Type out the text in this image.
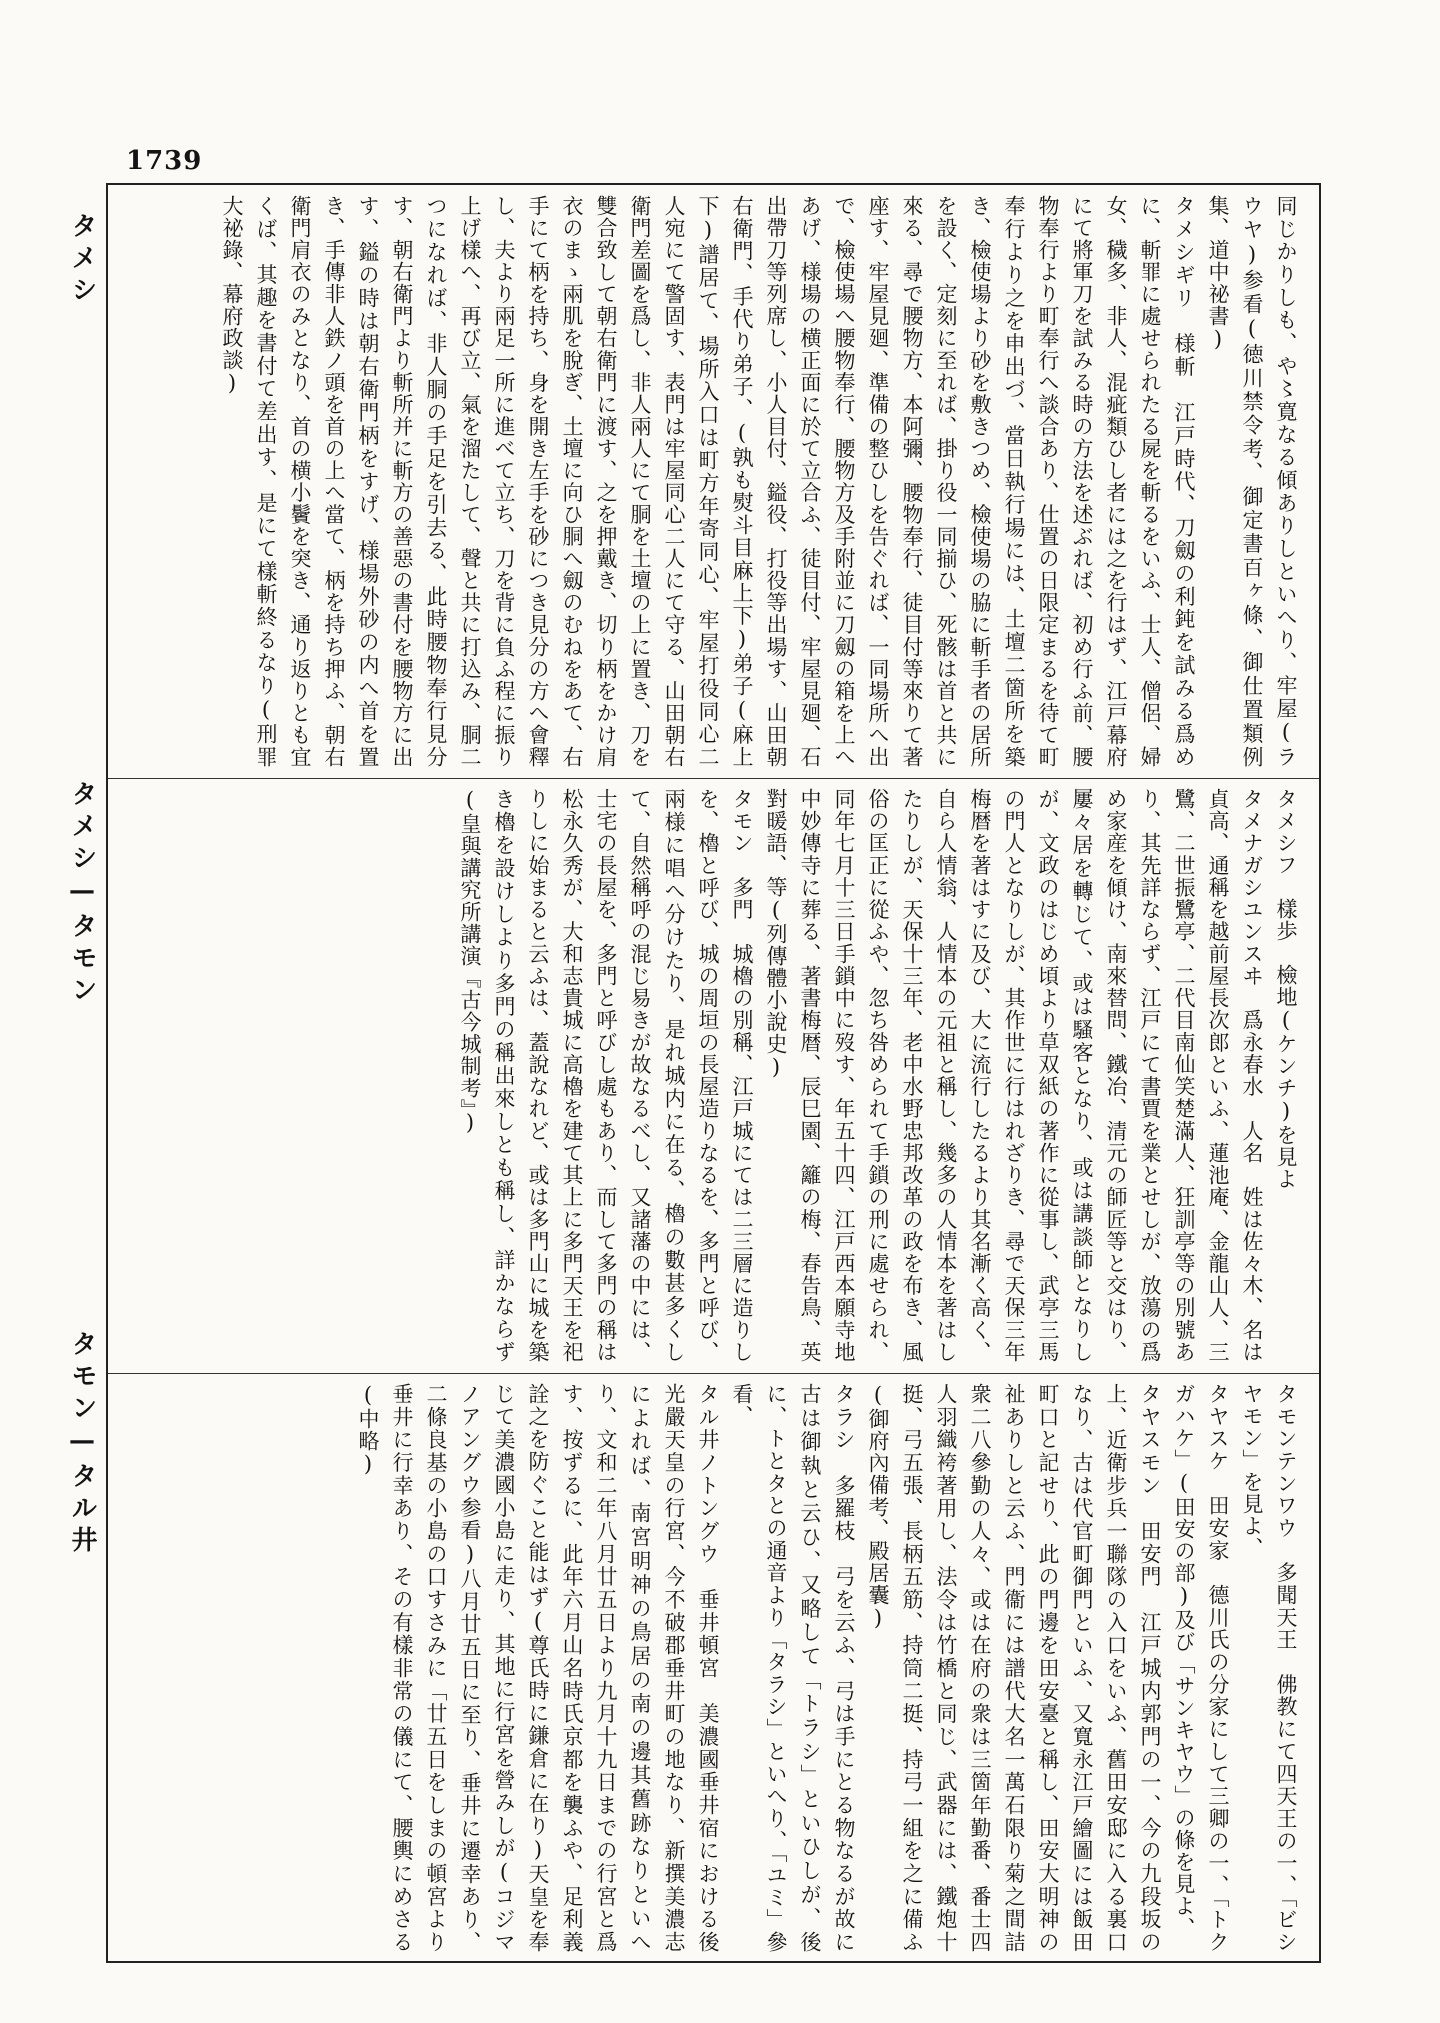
1739

同じかりしも、や〻寛なる傾ありしといへり、牢屋(ラウヤ)参看(徳川禁令考、御定書百ヶ條、御仕置類例集、道中祕書)

タメシギリ　様斬　江戸時代、刀劔の利鈍を試みる爲めに、斬罪に處せられたる屍を斬るをいふ、士人、僧侶、婦女、穢多、非人、混疵類ひし者には之を行はず、江戸幕府にて將軍刀を試みる時の方法を述ぶれば、初め行ふ前、腰物奉行より町奉行へ談合あり、仕置の日限定まるを待て町奉行より之を申出づ、當日執行場には、土壇二箇所を築き、檢使場より砂を敷きつめ、檢使場の脇に斬手者の居所を設く、定刻に至れば、掛り役一同揃ひ、死骸は首と共に來る、尋で腰物方、本阿彌、腰物奉行、徒目付等來りて著座す、牢屋見廻、準備の整ひしを告ぐれば、一同場所へ出で、檢使場へ腰物奉行、腰物方及手附並に刀劔の箱を上へあげ、様場の横正面に於て立合ふ、徒目付、牢屋見廻、石出帶刀等列席し、小人目付、鎰役、打役等出場す、山田朝右衛門、手代り弟子、(孰も熨斗目麻上下)弟子(麻上下)譜居て、場所入口は町方年寄同心、牢屋打役同心二人宛にて警固す、表門は牢屋同心二人にて守る、山田朝右衛門差圖を爲し、非人兩人にて胴を土壇の上に置き、刀を雙合致して朝右衛門に渡す、之を押戴き、切り柄をかけ肩衣のまゝ兩肌を脫ぎ、土壇に向ひ胴へ劔のむねをあて、右手にて柄を持ち、身を開き左手を砂につき見分の方へ會釋し、夫より兩足一所に進べて立ち、刀を背に負ふ程に振り上げ樣へ、再び立、氣を溜たして、聲と共に打込み、胴二つになれば、非人胴の手足を引去る、此時腰物奉行見分す、朝右衛門より斬所并に斬方の善惡の書付を腰物方に出す、鎰の時は朝右衛門柄をすげ、様場外砂の内へ首を置き、手傳非人鉄ノ頭を首の上へ當て、柄を持ち押ふ、朝右衛門肩衣のみとなり、首の横小鬢を突き、通り返りとも宜くば、其趣を書付て差出す、是にて樣斬終るなり(刑罪大祕錄、幕府政談)

タメシフ　樣歩　檢地(ケンチ)を見よ

タメナガシユンスヰ　爲永春水　人名　姓は佐々木、名は貞高、通稱を越前屋長次郎といふ、蓮池庵、金龍山人、三鷺、二世振鷺亭、二代目南仙笑楚滿人、狂訓亭等の別號あり、其先詳ならず、江戸にて書賈を業とせしが、放蕩の爲め家産を傾け、南來替問、鐵冶、清元の師匠等と交はり、屢々居を轉じて、或は騷客となり、或は講談師となりしが、文政のはじめ頃より草双紙の著作に從事し、武亭三馬の門人となりしが、其作世に行はれざりき、尋で天保三年梅暦を著はすに及び、大に流行したるより其名漸く高く、自ら人情翁、人情本の元祖と稱し、幾多の人情本を著はしたりしが、天保十三年、老中水野忠邦改革の政を布き、風俗の匡正に從ふや、忽ち咎められて手鎖の刑に處せられ、同年七月十三日手鎖中に歿す、年五十四、江戸西本願寺地中妙傳寺に葬る、著書梅暦、辰巳園、籬の梅、春告鳥、英對暖語、等(列傳體小說史)

タモン　多門　城櫓の別稱、江戸城にては二三層に造りしを、櫓と呼び、城の周垣の長屋造りなるを、多門と呼び、兩様に唱へ分けたり、是れ城内に在る、櫓の數甚多くして、自然稱呼の混じ易きが故なるべし、又諸藩の中には、士宅の長屋を、多門と呼びし處もあり、而して多門の稱は松永久秀が、大和志貴城に高櫓を建て其上に多門天王を祀りしに始まると云ふは、蓋說なれど、或は多門山に城を築き櫓を設けしより多門の稱出來しとも稱し、詳かならず(皇與講究所講演『古今城制考』)

タモンテンワウ　多聞天王　佛教にて四天王の一、「ビシヤモン」を見よ、

タヤスケ　田安家　德川氏の分家にして三卿の一、「トクガハケ」(田安の部)及び「サンキヤウ」の條を見よ、

タヤスモン　田安門　江戸城内郭門の一、今の九段坂の上、近衛步兵一聯隊の入口をいふ、舊田安邸に入る裏口なり、古は代官町御門といふ、又寬永江戸繪圖には飯田町口と記せり、此の門邊を田安臺と稱し、田安大明神の祉ありしと云ふ、門衞には譜代大名一萬石限り菊之間詰衆二八參勤の人々、或は在府の衆は三箇年勤番、番士四人羽織袴著用し、法令は竹橋と同じ、武器には、鐵炮十挺、弓五張、長柄五筋、持筒二挺、持弓一組を之に備ふ(御府內備考、殿居囊)

タラシ　多羅枝　弓を云ふ、弓は手にとる物なるが故に古は御執と云ひ、又略して「トラシ」といひしが、後に、トとタとの通音より「タラシ」といへり、「ユミ」參看、

タル井ノトングウ　垂井頓宮　美濃國垂井宿における後光嚴天皇の行宮、今不破郡垂井町の地なり、新撰美濃志によれば、南宮明神の鳥居の南の邊其舊跡なりといへり、文和二年八月廿五日より九月十九日までの行宮と爲す、按ずるに、此年六月山名時氏京都を襲ふや、足利義詮之を防ぐこと能はず(尊氏時に鎌倉に在り)天皇を奉じて美濃國小島に走り、其地に行宮を營みしが(コジマノアングウ参看)八月廿五日に至り、垂井に遷幸あり、二條良基の小島の口すさみに「廿五日をしまの頓宮より垂井に行幸あり、その有樣非常の儀にて、腰輿にめさる(中略)

タメシ
タメシ—タモン
タモン—タル井
